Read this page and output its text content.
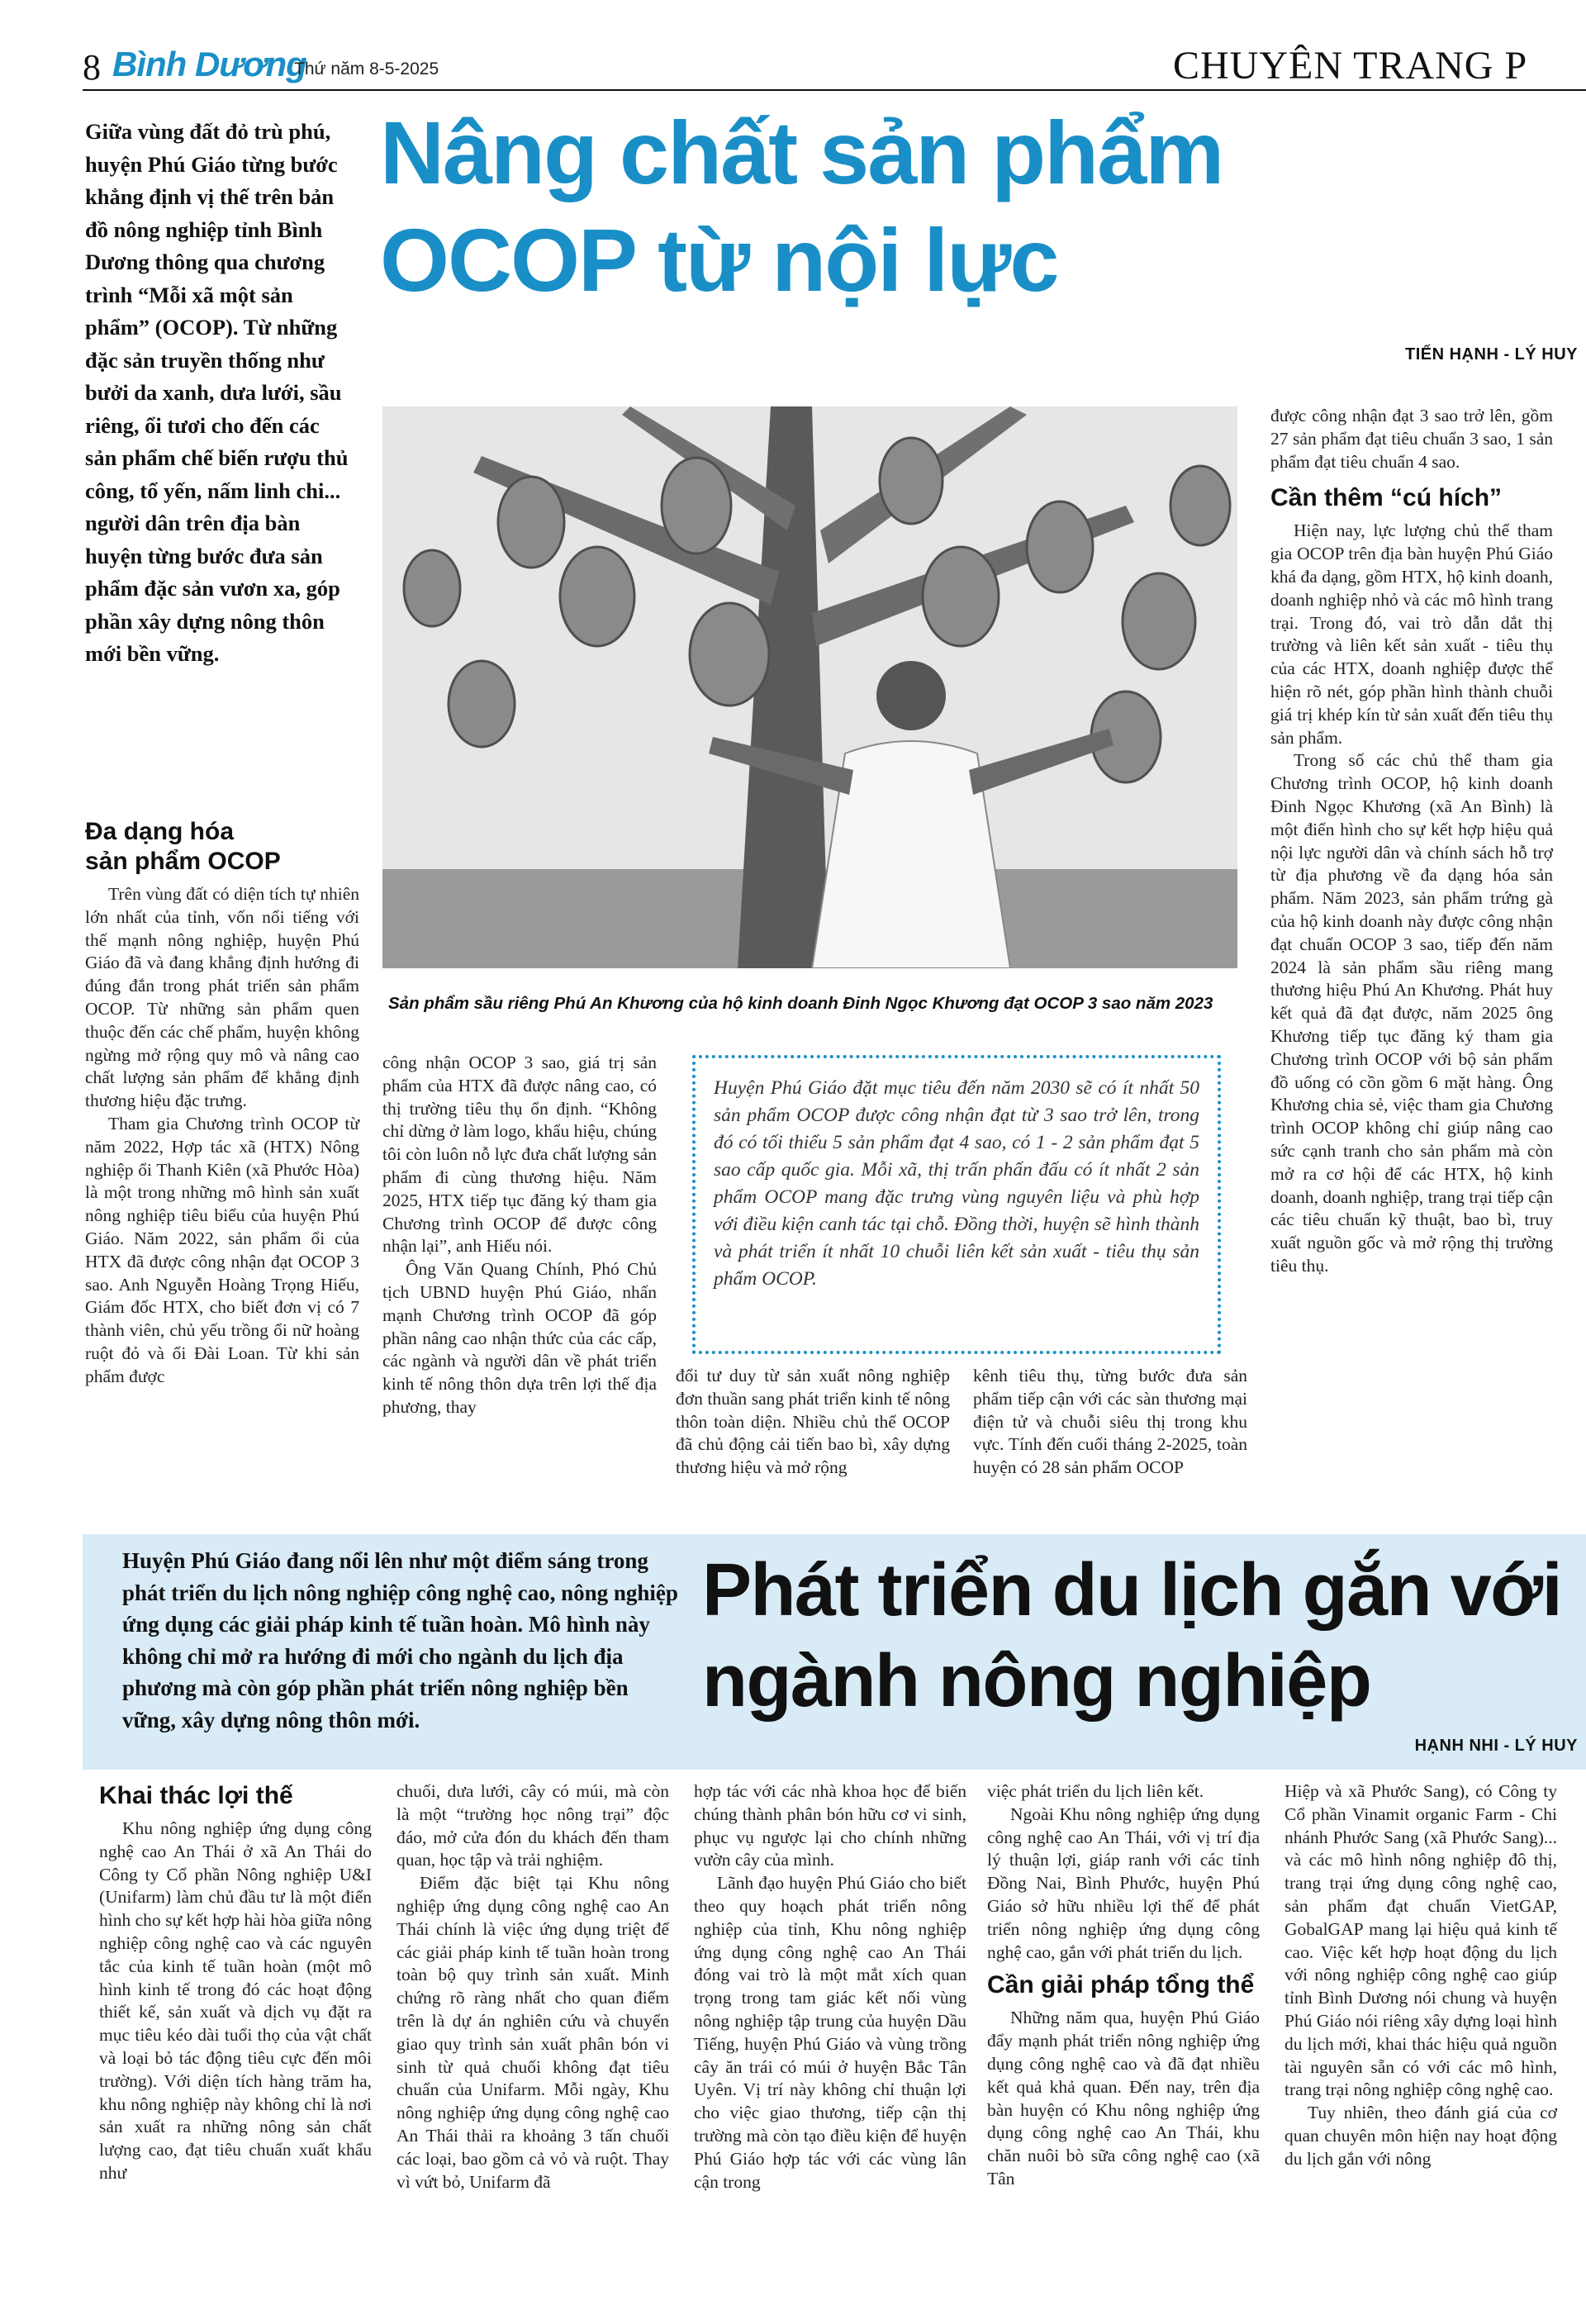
8 Bình Dương
Thứ năm 8-5-2025	CHUYÊN TRANG P
Nâng chất sản phẩm
OCOP từ nội lực
TIẾN HẠNH - LÝ HUY

Giữa vùng đất đỏ trù phú, huyện Phú Giáo từng bước khẳng định vị thế trên bản đồ nông nghiệp tỉnh Bình Dương thông qua chương trình “Mỗi xã một sản phẩm” (OCOP). Từ những đặc sản truyền thống như bưởi da xanh, dưa lưới, sầu riêng, ổi tươi cho đến các sản phẩm chế biến rượu thủ công, tổ yến, nấm linh chi... người dân trên địa bàn huyện từng bước đưa sản phẩm đặc sản vươn xa, góp phần xây dựng nông thôn mới bền vững.

Sản phẩm sầu riêng Phú An Khương của hộ kinh doanh Đinh Ngọc Khương đạt OCOP 3 sao năm 2023
Đa dạng hóa
sản phẩm OCOP

Trên vùng đất có diện tích tự nhiên lớn nhất của tỉnh, vốn nổi tiếng với thế mạnh nông nghiệp, huyện Phú Giáo đã và đang khẳng định hướng đi đúng đắn trong phát triển sản phẩm OCOP. Từ những sản phẩm quen thuộc đến các chế phẩm, huyện không ngừng mở rộng quy mô và nâng cao chất lượng sản phẩm để khẳng định thương hiệu đặc trưng.

Tham gia Chương trình OCOP từ năm 2022, Hợp tác xã (HTX) Nông nghiệp ổi Thanh Kiên (xã Phước Hòa) là một trong những mô hình sản xuất nông nghiệp tiêu biểu của huyện Phú Giáo. Năm 2022, sản phẩm ổi của HTX đã được công nhận đạt OCOP 3 sao. Anh Nguyễn Hoàng Trọng Hiếu, Giám đốc HTX, cho biết đơn vị có 7 thành viên, chủ yếu trồng ổi nữ hoàng ruột đỏ và ổi Đài Loan. Từ khi sản phẩm được

công nhận OCOP 3 sao, giá trị sản phẩm của HTX đã được nâng cao, có thị trường tiêu thụ ổn định. “Không chỉ dừng ở làm logo, khẩu hiệu, chúng tôi còn luôn nỗ lực đưa chất lượng sản phẩm đi cùng thương hiệu. Năm 2025, HTX tiếp tục đăng ký tham gia Chương trình OCOP để được công nhận lại”, anh Hiếu nói.

Ông Văn Quang Chính, Phó Chủ tịch UBND huyện Phú Giáo, nhấn mạnh Chương trình OCOP đã góp phần nâng cao nhận thức của các cấp, các ngành và người dân về phát triển kinh tế nông thôn dựa trên lợi thế địa phương, thay

Huyện Phú Giáo đặt mục tiêu đến năm 2030 sẽ có ít nhất 50 sản phẩm OCOP được công nhận đạt từ 3 sao trở lên, trong đó có tối thiểu 5 sản phẩm đạt 4 sao, có 1 - 2 sản phẩm đạt 5 sao cấp quốc gia. Mỗi xã, thị trấn phấn đấu có ít nhất 2 sản phẩm OCOP mang đặc trưng vùng nguyên liệu và phù hợp với điều kiện canh tác tại chỗ. Đồng thời, huyện sẽ hình thành và phát triển ít nhất 10 chuỗi liên kết sản xuất - tiêu thụ sản phẩm OCOP.

đổi tư duy từ sản xuất nông nghiệp đơn thuần sang phát triển kinh tế nông thôn toàn diện. Nhiều chủ thể OCOP đã chủ động cải tiến bao bì, xây dựng thương hiệu và mở rộng

kênh tiêu thụ, từng bước đưa sản phẩm tiếp cận với các sàn thương mại điện tử và chuỗi siêu thị trong khu vực. Tính đến cuối tháng 2-2025, toàn huyện có 28 sản phẩm OCOP

được công nhận đạt 3 sao trở lên, gồm 27 sản phẩm đạt tiêu chuẩn 3 sao, 1 sản phẩm đạt tiêu chuẩn 4 sao.

Cần thêm “cú hích”

Hiện nay, lực lượng chủ thể tham gia OCOP trên địa bàn huyện Phú Giáo khá đa dạng, gồm HTX, hộ kinh doanh, doanh nghiệp nhỏ và các mô hình trang trại. Trong đó, vai trò dẫn dắt thị trường và liên kết sản xuất - tiêu thụ của các HTX, doanh nghiệp được thể hiện rõ nét, góp phần hình thành chuỗi giá trị khép kín từ sản xuất đến tiêu thụ sản phẩm.

Trong số các chủ thể tham gia Chương trình OCOP, hộ kinh doanh Đinh Ngọc Khương (xã An Bình) là một điển hình cho sự kết hợp hiệu quả nội lực người dân và chính sách hỗ trợ từ địa phương về đa dạng hóa sản phẩm. Năm 2023, sản phẩm trứng gà của hộ kinh doanh này được công nhận đạt chuẩn OCOP 3 sao, tiếp đến năm 2024 là sản phẩm sầu riêng mang thương hiệu Phú An Khương. Phát huy kết quả đã đạt được, năm 2025 ông Khương tiếp tục đăng ký tham gia Chương trình OCOP với bộ sản phẩm đồ uống có cồn gồm 6 mặt hàng. Ông Khương chia sẻ, việc tham gia Chương trình OCOP không chỉ giúp nâng cao sức cạnh tranh cho sản phẩm mà còn mở ra cơ hội để các HTX, hộ kinh doanh, doanh nghiệp, trang trại tiếp cận các tiêu chuẩn kỹ thuật, bao bì, truy xuất nguồn gốc và mở rộng thị trường tiêu thụ.

Huyện Phú Giáo đang nổi lên như một điểm sáng trong phát triển du lịch nông nghiệp công nghệ cao, nông nghiệp ứng dụng các giải pháp kinh tế tuần hoàn. Mô hình này không chỉ mở ra hướng đi mới cho ngành du lịch địa phương mà còn góp phần phát triển nông nghiệp bền vững, xây dựng nông thôn mới.

Phát triển du lịch gắn với
ngành nông nghiệp
HẠNH NHI - LÝ HUY
Khai thác lợi thế

Khu nông nghiệp ứng dụng công nghệ cao An Thái ở xã An Thái do Công ty Cổ phần Nông nghiệp U&I (Unifarm) làm chủ đầu tư là một điển hình cho sự kết hợp hài hòa giữa nông nghiệp công nghệ cao và các nguyên tắc của kinh tế tuần hoàn (một mô hình kinh tế trong đó các hoạt động thiết kế, sản xuất và dịch vụ đặt ra mục tiêu kéo dài tuổi thọ của vật chất và loại bỏ tác động tiêu cực đến môi trường). Với diện tích hàng trăm ha, khu nông nghiệp này không chỉ là nơi sản xuất ra những nông sản chất lượng cao, đạt tiêu chuẩn xuất khẩu như

chuối, dưa lưới, cây có múi, mà còn là một “trường học nông trại” độc đáo, mở cửa đón du khách đến tham quan, học tập và trải nghiệm.

Điểm đặc biệt tại Khu nông nghiệp ứng dụng công nghệ cao An Thái chính là việc ứng dụng triệt để các giải pháp kinh tế tuần hoàn trong toàn bộ quy trình sản xuất. Minh chứng rõ ràng nhất cho quan điểm trên là dự án nghiên cứu và chuyển giao quy trình sản xuất phân bón vi sinh từ quả chuối không đạt tiêu chuẩn của Unifarm. Mỗi ngày, Khu nông nghiệp ứng dụng công nghệ cao An Thái thải ra khoảng 3 tấn chuối các loại, bao gồm cả vỏ và ruột. Thay vì vứt bỏ, Unifarm đã

hợp tác với các nhà khoa học để biến chúng thành phân bón hữu cơ vi sinh, phục vụ ngược lại cho chính những vườn cây của mình.

Lãnh đạo huyện Phú Giáo cho biết theo quy hoạch phát triển nông nghiệp của tỉnh, Khu nông nghiệp ứng dụng công nghệ cao An Thái đóng vai trò là một mắt xích quan trọng trong tam giác kết nối vùng nông nghiệp tập trung của huyện Dầu Tiếng, huyện Phú Giáo và vùng trồng cây ăn trái có múi ở huyện Bắc Tân Uyên. Vị trí này không chỉ thuận lợi cho việc giao thương, tiếp cận thị trường mà còn tạo điều kiện để huyện Phú Giáo hợp tác với các vùng lân cận trong

việc phát triển du lịch liên kết.

Ngoài Khu nông nghiệp ứng dụng công nghệ cao An Thái, với vị trí địa lý thuận lợi, giáp ranh với các tỉnh Đồng Nai, Bình Phước, huyện Phú Giáo sở hữu nhiều lợi thế để phát triển nông nghiệp ứng dụng công nghệ cao, gắn với phát triển du lịch.

Cần giải pháp tổng thể

Những năm qua, huyện Phú Giáo đẩy mạnh phát triển nông nghiệp ứng dụng công nghệ cao và đã đạt nhiều kết quả khả quan. Đến nay, trên địa bàn huyện có Khu nông nghiệp ứng dụng công nghệ cao An Thái, khu chăn nuôi bò sữa công nghệ cao (xã Tân

Hiệp và xã Phước Sang), có Công ty Cổ phần Vinamit organic Farm - Chi nhánh Phước Sang (xã Phước Sang)... và các mô hình nông nghiệp đô thị, trang trại ứng dụng công nghệ cao, sản phẩm đạt chuẩn VietGAP, GobalGAP mang lại hiệu quả kinh tế cao. Việc kết hợp hoạt động du lịch với nông nghiệp công nghệ cao giúp tỉnh Bình Dương nói chung và huyện Phú Giáo nói riêng xây dựng loại hình du lịch mới, khai thác hiệu quả nguồn tài nguyên sẵn có với các mô hình, trang trại nông nghiệp công nghệ cao.

Tuy nhiên, theo đánh giá của cơ quan chuyên môn hiện nay hoạt động du lịch gắn với nông
